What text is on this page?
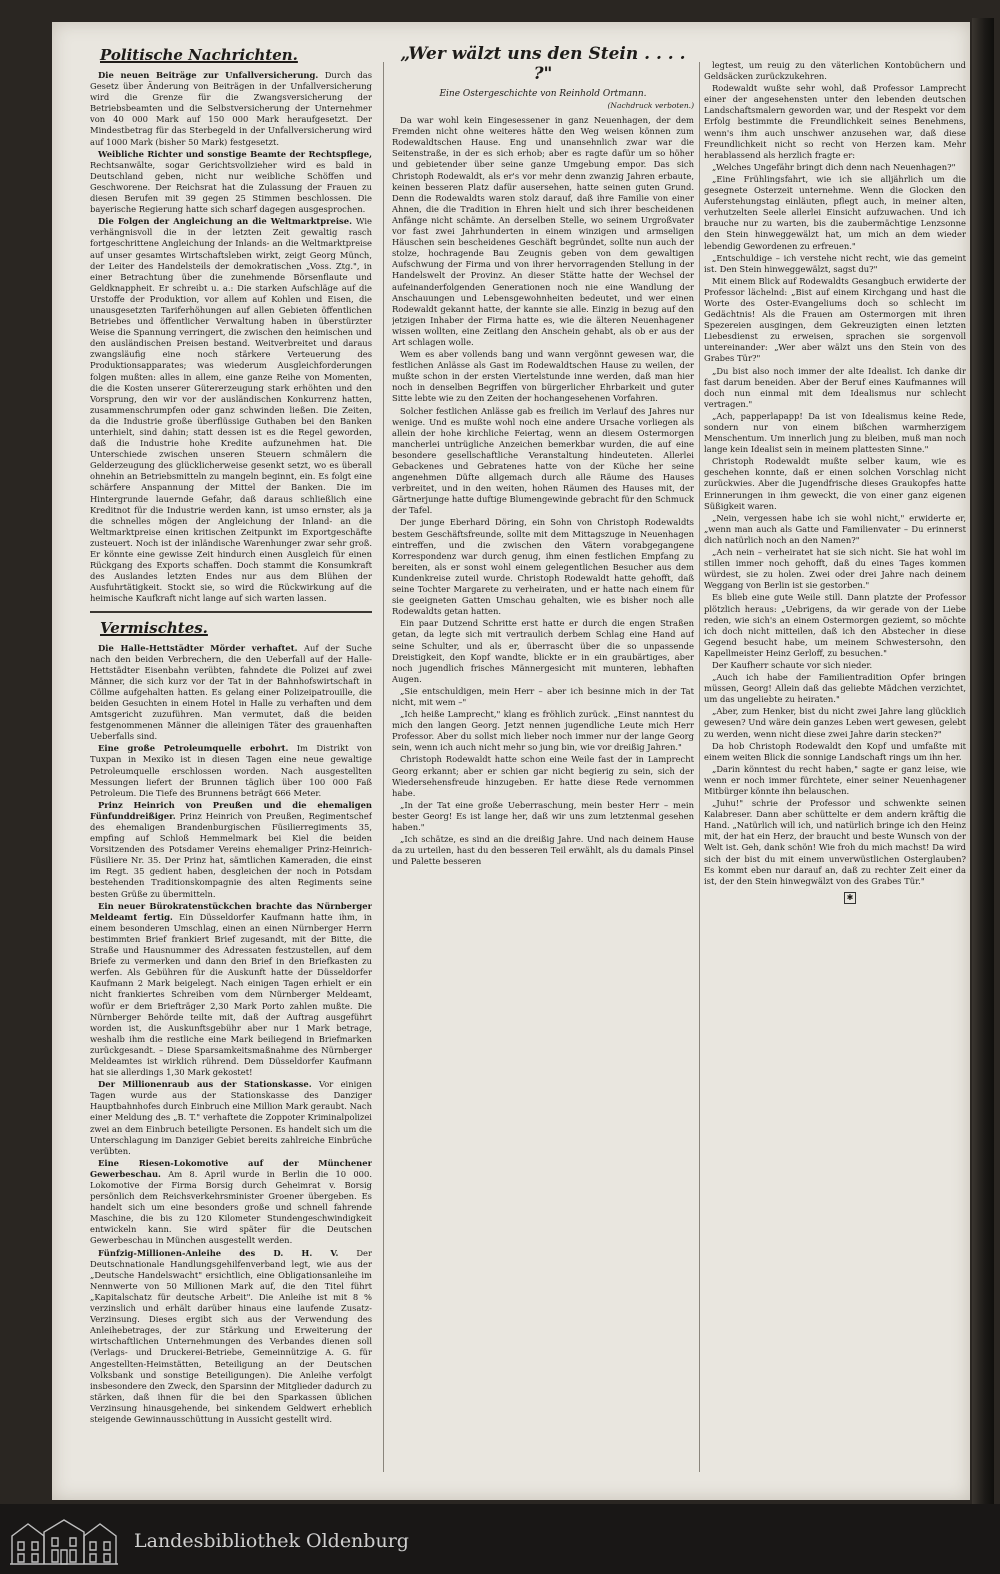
Politische Nachrichten.

Die neuen Beiträge zur Unfallversicherung. Durch das Gesetz über Änderung von Beiträgen in der Unfallversicherung wird die Grenze für die Zwangsversicherung der Betriebsbeamten und die Selbstversicherung der Unternehmer von 40 000 Mark auf 150 000 Mark heraufgesetzt. Der Mindestbetrag für das Sterbegeld in der Unfallversicherung wird auf 1000 Mark (bisher 50 Mark) festgesetzt.

Weibliche Richter und sonstige Beamte der Rechtspflege, Rechtsanwälte, sogar Gerichtsvollzieher wird es bald in Deutschland geben, nicht nur weibliche Schöffen und Geschworene. Der Reichsrat hat die Zulassung der Frauen zu diesen Berufen mit 39 gegen 25 Stimmen beschlossen. Die bayerische Regierung hatte sich scharf dagegen ausgesprochen.

Die Folgen der Angleichung an die Weltmarktpreise. Wie verhängnisvoll die in der letzten Zeit gewaltig rasch fortgeschrittene Angleichung der Inlands- an die Weltmarktpreise auf unser gesamtes Wirtschaftsleben wirkt, zeigt Georg Münch, der Leiter des Handelsteils der demokratischen „Voss. Ztg.", in einer Betrachtung über die zunehmende Börsenflaute und Geldknappheit. Er schreibt u. a.: Die starken Aufschläge auf die Urstoffe der Produktion, vor allem auf Kohlen und Eisen, die unausgesetzten Tariferhöhungen auf allen Gebieten öffentlichen Betriebes und öffentlicher Verwaltung haben in überstürzter Weise die Spannung verringert, die zwischen den heimischen und den ausländischen Preisen bestand. Weitverbreitet und daraus zwangsläufig eine noch stärkere Verteuerung des Produktionsapparates; was wiederum Ausgleichforderungen folgen mußten: alles in allem, eine ganze Reihe von Momenten, die die Kosten unserer Gütererzeugung stark erhöhten und den Vorsprung, den wir vor der ausländischen Konkurrenz hatten, zusammenschrumpfen oder ganz schwinden ließen. Die Zeiten, da die Industrie große überflüssige Guthaben bei den Banken unterhielt, sind dahin; statt dessen ist es die Regel geworden, daß die Industrie hohe Kredite aufzunehmen hat. Die Unterschiede zwischen unseren Steuern schmälern die Gelderzeugung des glücklicherweise gesenkt setzt, wo es überall ohnehin an Betriebsmitteln zu mangeln beginnt, ein. Es folgt eine schärfere Anspannung der Mittel der Banken. Die im Hintergrunde lauernde Gefahr, daß daraus schließlich eine Kreditnot für die Industrie werden kann, ist umso ernster, als ja die schnelles mögen der Angleichung der Inland- an die Weltmarktpreise einen kritischen Zeitpunkt im Exportgeschäfte zusteuert. Noch ist der inländische Warenhunger zwar sehr groß. Er könnte eine gewisse Zeit hindurch einen Ausgleich für einen Rückgang des Exports schaffen. Doch stammt die Konsumkraft des Auslandes letzten Endes nur aus dem Blühen der Ausfuhrtätigkeit. Stockt sie, so wird die Rückwirkung auf die heimische Kaufkraft nicht lange auf sich warten lassen.

Vermischtes.

Die Halle-Hettstädter Mörder verhaftet. Auf der Suche nach den beiden Verbrechern, die den Ueberfall auf der Halle-Hettstädter Eisenbahn verübten, fahndete die Polizei auf zwei Männer, die sich kurz vor der Tat in der Bahnhofswirtschaft in Cöllme aufgehalten hatten. Es gelang einer Polizeipatrouille, die beiden Gesuchten in einem Hotel in Halle zu verhaften und dem Amtsgericht zuzuführen. Man vermutet, daß die beiden festgenommenen Männer die alleinigen Täter des grauenhaften Ueberfalls sind.

Eine große Petroleumquelle erbohrt. Im Distrikt von Tuxpan in Mexiko ist in diesen Tagen eine neue gewaltige Petroleumquelle erschlossen worden. Nach ausgestellten Messungen liefert der Brunnen täglich über 100 000 Faß Petroleum. Die Tiefe des Brunnens beträgt 666 Meter.

Prinz Heinrich von Preußen und die ehemaligen Fünfunddreißiger. Prinz Heinrich von Preußen, Regimentschef des ehemaligen Brandenburgischen Füsilierregiments 35, empfing auf Schloß Hemmelmark bei Kiel die beiden Vorsitzenden des Potsdamer Vereins ehemaliger Prinz-Heinrich-Füsiliere Nr. 35. Der Prinz hat, sämtlichen Kameraden, die einst im Regt. 35 gedient haben, desgleichen der noch in Potsdam bestehenden Traditionskompagnie des alten Regiments seine besten Grüße zu übermitteln.

Ein neuer Bürokratenstückchen brachte das Nürnberger Meldeamt fertig. Ein Düsseldorfer Kaufmann hatte ihm, in einem besonderen Umschlag, einen an einen Nürnberger Herrn bestimmten Brief frankiert Brief zugesandt, mit der Bitte, die Straße und Hausnummer des Adressaten festzustellen, auf dem Briefe zu vermerken und dann den Brief in den Briefkasten zu werfen. Als Gebühren für die Auskunft hatte der Düsseldorfer Kaufmann 2 Mark beigelegt. Nach einigen Tagen erhielt er ein nicht frankiertes Schreiben vom dem Nürnberger Meldeamt, wofür er dem Briefträger 2,30 Mark Porto zahlen mußte. Die Nürnberger Behörde teilte mit, daß der Auftrag ausgeführt worden ist, die Auskunftsgebühr aber nur 1 Mark betrage, weshalb ihm die restliche eine Mark beiliegend in Briefmarken zurückgesandt. – Diese Sparsamkeitsmaßnahme des Nürnberger Meldeamtes ist wirklich rührend. Dem Düsseldorfer Kaufmann hat sie allerdings 1,30 Mark gekostet!

Der Millionenraub aus der Stationskasse. Vor einigen Tagen wurde aus der Stationskasse des Danziger Hauptbahnhofes durch Einbruch eine Million Mark geraubt. Nach einer Meldung des „B. T." verhaftete die Zoppoter Kriminalpolizei zwei an dem Einbruch beteiligte Personen. Es handelt sich um die Unterschlagung im Danziger Gebiet bereits zahlreiche Einbrüche verübten.

Eine Riesen-Lokomotive auf der Münchener Gewerbeschau. Am 8. April wurde in Berlin die 10 000. Lokomotive der Firma Borsig durch Geheimrat v. Borsig persönlich dem Reichsverkehrsminister Groener übergeben. Es handelt sich um eine besonders große und schnell fahrende Maschine, die bis zu 120 Kilometer Stundengeschwindigkeit entwickeln kann. Sie wird später für die Deutschen Gewerbeschau in München ausgestellt werden.

Fünfzig-Millionen-Anleihe des D. H. V. Der Deutschnationale Handlungsgehilfenverband legt, wie aus der „Deutsche Handelswacht" ersichtlich, eine Obligationsanleihe im Nennwerte von 50 Millionen Mark auf, die den Titel führt „Kapitalschatz für deutsche Arbeit". Die Anleihe ist mit 8 % verzinslich und erhält darüber hinaus eine laufende Zusatz-Verzinsung. Dieses ergibt sich aus der Verwendung des Anleihebetrages, der zur Stärkung und Erweiterung der wirtschaftlichen Unternehmungen des Verbandes dienen soll (Verlags- und Druckerei-Betriebe, Gemeinnützige A. G. für Angestellten-Heimstätten, Beteiligung an der Deutschen Volksbank und sonstige Beteiligungen). Die Anleihe verfolgt insbesondere den Zweck, den Sparsinn der Mitglieder dadurch zu stärken, daß ihnen für die bei den Sparkassen üblichen Verzinsung hinausgehende, bei sinkendem Geldwert erheblich steigende Gewinnausschüttung in Aussicht gestellt wird.

„Wer wälzt uns den Stein . . . . ?"
Eine Ostergeschichte von Reinhold Ortmann.
(Nachdruck verboten.)

Da war wohl kein Eingesessener in ganz Neuenhagen, der dem Fremden nicht ohne weiteres hätte den Weg weisen können zum Rodewaldtschen Hause. Eng und unansehnlich zwar war die Seitenstraße, in der es sich erhob; aber es ragte dafür um so höher und gebietender über seine ganze Umgebung empor. Das sich Christoph Rodewaldt, als er's vor mehr denn zwanzig Jahren erbaute, keinen besseren Platz dafür ausersehen, hatte seinen guten Grund. Denn die Rodewaldts waren stolz darauf, daß ihre Familie von einer Ahnen, die die Tradition in Ehren hielt und sich ihrer bescheidenen Anfänge nicht schämte. An derselben Stelle, wo seinem Urgroßvater vor fast zwei Jahrhunderten in einem winzigen und armseligen Häuschen sein bescheidenes Geschäft begründet, sollte nun auch der stolze, hochragende Bau Zeugnis geben von dem gewaltigen Aufschwung der Firma und von ihrer hervorragenden Stellung in der Handelswelt der Provinz. An dieser Stätte hatte der Wechsel der aufeinanderfolgenden Generationen noch nie eine Wandlung der Anschauungen und Lebensgewohnheiten bedeutet, und wer einen Rodewaldt gekannt hatte, der kannte sie alle. Einzig in bezug auf den jetzigen Inhaber der Firma hatte es, wie die älteren Neuenhagener wissen wollten, eine Zeitlang den Anschein gehabt, als ob er aus der Art schlagen wolle.

Wem es aber vollends bang und wann vergönnt gewesen war, die festlichen Anlässe als Gast im Rodewaldtschen Hause zu weilen, der mußte schon in der ersten Viertelstunde inne werden, daß man hier noch in denselben Begriffen von bürgerlicher Ehrbarkeit und guter Sitte lebte wie zu den Zeiten der hochangesehenen Vorfahren.

Solcher festlichen Anlässe gab es freilich im Verlauf des Jahres nur wenige. Und es mußte wohl noch eine andere Ursache vorliegen als allein der hohe kirchliche Feiertag, wenn an diesem Ostermorgen mancherlei untrügliche Anzeichen bemerkbar wurden, die auf eine besondere gesellschaftliche Veranstaltung hindeuteten. Allerlei Gebackenes und Gebratenes hatte von der Küche her seine angenehmen Düfte allgemach durch alle Räume des Hauses verbreitet, und in den weiten, hohen Räumen des Hauses mit, der Gärtnerjunge hatte duftige Blumengewinde gebracht für den Schmuck der Tafel.

Der junge Eberhard Döring, ein Sohn von Christoph Rodewaldts bestem Geschäftsfreunde, sollte mit dem Mittagszuge in Neuenhagen eintreffen, und die zwischen den Vätern vorabgegangene Korrespondenz war durch genug, ihm einen festlichen Empfang zu bereiten, als er sonst wohl einem gelegentlichen Besucher aus dem Kundenkreise zuteil wurde. Christoph Rodewaldt hatte gehofft, daß seine Tochter Margarete zu verheiraten, und er hatte nach einem für sie geeigneten Gatten Umschau gehalten, wie es bisher noch alle Rodewaldts getan hatten.

Ein paar Dutzend Schritte erst hatte er durch die engen Straßen getan, da legte sich mit vertraulich derbem Schlag eine Hand auf seine Schulter, und als er, überrascht über die so unpassende Dreistigkeit, den Kopf wandte, blickte er in ein graubärtiges, aber noch jugendlich frisches Männergesicht mit munteren, lebhaften Augen.

„Sie entschuldigen, mein Herr – aber ich besinne mich in der Tat nicht, mit wem –"

„Ich heiße Lamprecht," klang es fröhlich zurück. „Einst nanntest du mich den langen Georg. Jetzt nennen jugendliche Leute mich Herr Professor. Aber du sollst mich lieber noch immer nur der lange Georg sein, wenn ich auch nicht mehr so jung bin, wie vor dreißig Jahren."

Christoph Rodewaldt hatte schon eine Weile fast der in Lamprecht Georg erkannt; aber er schien gar nicht begierig zu sein, sich der Wiedersehensfreude hinzugeben. Er hatte diese Rede vernommen habe.

„In der Tat eine große Ueberraschung, mein bester Herr – mein bester Georg! Es ist lange her, daß wir uns zum letztenmal gesehen haben."

„Ich schätze, es sind an die dreißig Jahre. Und nach deinem Hause da zu urteilen, hast du den besseren Teil erwählt, als du damals Pinsel und Palette besseren

legtest, um reuig zu den väterlichen Kontobüchern und Geldsäcken zurückzukehren.

Rodewaldt wußte sehr wohl, daß Professor Lamprecht einer der angesehensten unter den lebenden deutschen Landschaftsmalern geworden war, und der Respekt vor dem Erfolg bestimmte die Freundlichkeit seines Benehmens, wenn's ihm auch unschwer anzusehen war, daß diese Freundlichkeit nicht so recht von Herzen kam. Mehr herablassend als herzlich fragte er:

„Welches Ungefähr bringt dich denn nach Neuenhagen?"

„Eine Frühlingsfahrt, wie ich sie alljährlich um die gesegnete Osterzeit unternehme. Wenn die Glocken den Auferstehungstag einläuten, pflegt auch, in meiner alten, verhutzelten Seele allerlei Einsicht aufzuwachen. Und ich brauche nur zu warten, bis die zaubermächtige Lenzsonne den Stein hinweggewälzt hat, um mich an dem wieder lebendig Gewordenen zu erfreuen."

„Entschuldige – ich verstehe nicht recht, wie das gemeint ist. Den Stein hinweggewälzt, sagst du?"

Mit einem Blick auf Rodewaldts Gesangbuch erwiderte der Professor lächelnd: „Bist auf einem Kirchgang und hast die Worte des Oster-Evangeliums doch so schlecht im Gedächtnis! Als die Frauen am Ostermorgen mit ihren Spezereien ausgingen, dem Gekreuzigten einen letzten Liebesdienst zu erweisen, sprachen sie sorgenvoll untereinander: „Wer aber wälzt uns den Stein von des Grabes Tür?"

„Du bist also noch immer der alte Idealist. Ich danke dir fast darum beneiden. Aber der Beruf eines Kaufmannes will doch nun einmal mit dem Idealismus nur schlecht vertragen."

„Ach, papperlapapp! Da ist von Idealismus keine Rede, sondern nur von einem bißchen warmherzigem Menschentum. Um innerlich jung zu bleiben, muß man noch lange kein Idealist sein in meinem plattesten Sinne."

Christoph Rodewaldt mußte selber kaum, wie es geschehen konnte, daß er einen solchen Vorschlag nicht zurückwies. Aber die Jugendfrische dieses Graukopfes hatte Erinnerungen in ihm geweckt, die von einer ganz eigenen Süßigkeit waren.

„Nein, vergessen habe ich sie wohl nicht," erwiderte er, „wenn man auch als Gatte und Familienvater – Du erinnerst dich natürlich noch an den Namen?"

„Ach nein – verheiratet hat sie sich nicht. Sie hat wohl im stillen immer noch gehofft, daß du eines Tages kommen würdest, sie zu holen. Zwei oder drei Jahre nach deinem Weggang von Berlin ist sie gestorben."

Es blieb eine gute Weile still. Dann platzte der Professor plötzlich heraus: „Uebrigens, da wir gerade von der Liebe reden, wie sich's an einem Ostermorgen geziemt, so möchte ich doch nicht mitteilen, daß ich den Abstecher in diese Gegend besucht habe, um meinem Schwestersohn, den Kapellmeister Heinz Gerloff, zu besuchen."

Der Kaufherr schaute vor sich nieder.

„Auch ich habe der Familientradition Opfer bringen müssen, Georg! Allein daß das geliebte Mädchen verzichtet, um das ungeliebte zu heiraten."

„Aber, zum Henker, bist du nicht zwei Jahre lang glücklich gewesen? Und wäre dein ganzes Leben wert gewesen, gelebt zu werden, wenn nicht diese zwei Jahre darin stecken?"

Da hob Christoph Rodewaldt den Kopf und umfaßte mit einem weiten Blick die sonnige Landschaft rings um ihn her.

„Darin könntest du recht haben," sagte er ganz leise, wie wenn er noch immer fürchtete, einer seiner Neuenhagener Mitbürger könnte ihn belauschen.

„Juhu!" schrie der Professor und schwenkte seinen Kalabreser. Dann aber schüttelte er dem andern kräftig die Hand. „Natürlich will ich, und natürlich bringe ich den Heinz mit, der hat ein Herz, der braucht und beste Wunsch von der Welt ist. Geh, dank schön! Wie froh du mich machst! Da wird sich der bist du mit einem unverwüstlichen Osterglauben? Es kommt eben nur darauf an, daß zu rechter Zeit einer da ist, der den Stein hinwegwälzt von des Grabes Tür."

✱
Landesbibliothek Oldenburg
